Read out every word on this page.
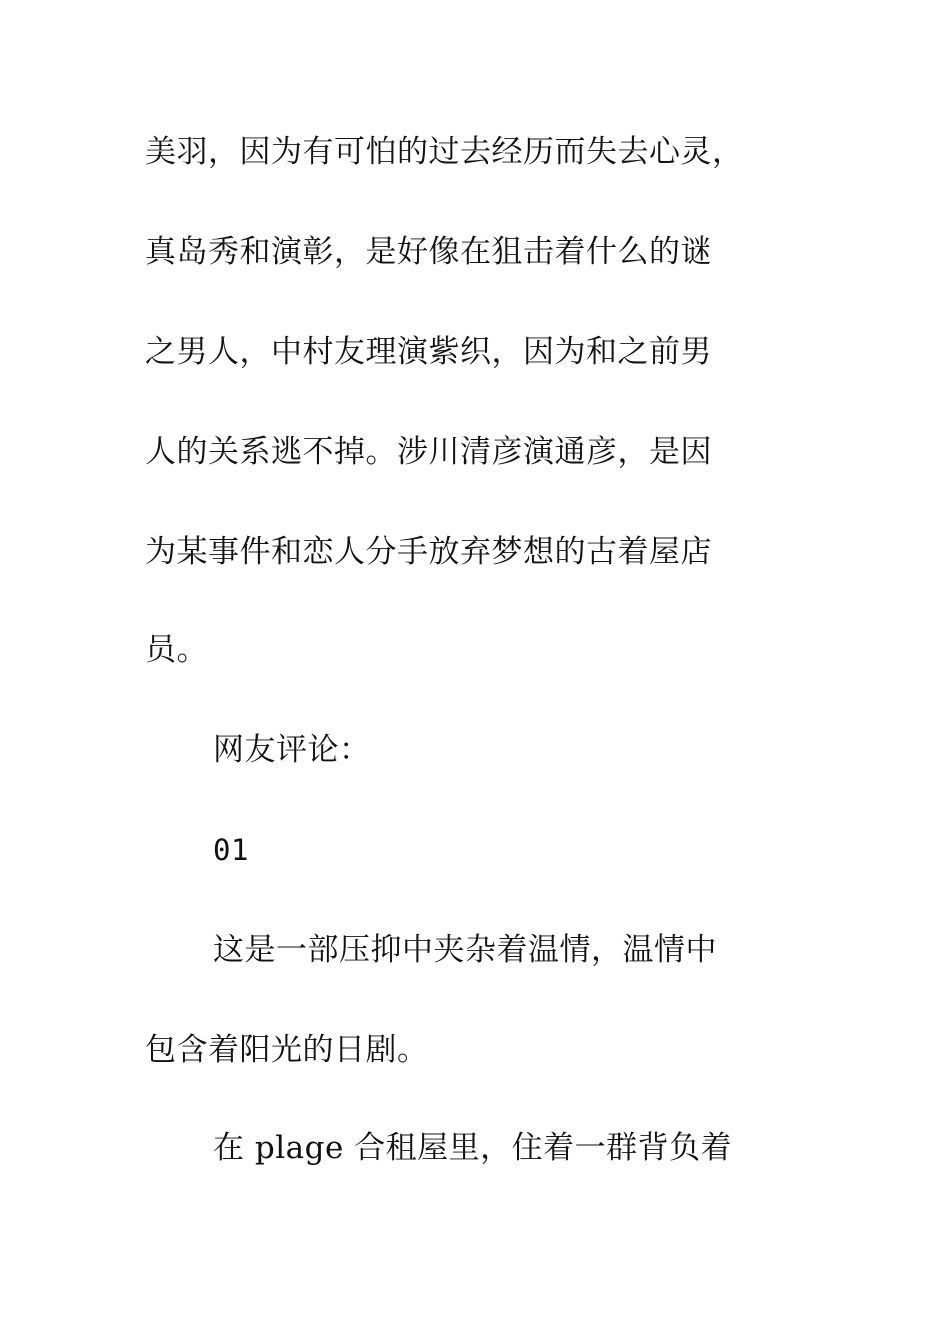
美羽，因为有可怕的过去经历而失去心灵，
真岛秀和演彰，是好像在狙击着什么的谜
之男人，中村友理演紫织，因为和之前男
人的关系逃不掉。涉川清彦演通彦，是因
为某事件和恋人分手放弃梦想的古着屋店
员。
网友评论：
01
这是一部压抑中夹杂着温情，温情中
包含着阳光的日剧。
在 plage 合租屋里，住着一群背负着
